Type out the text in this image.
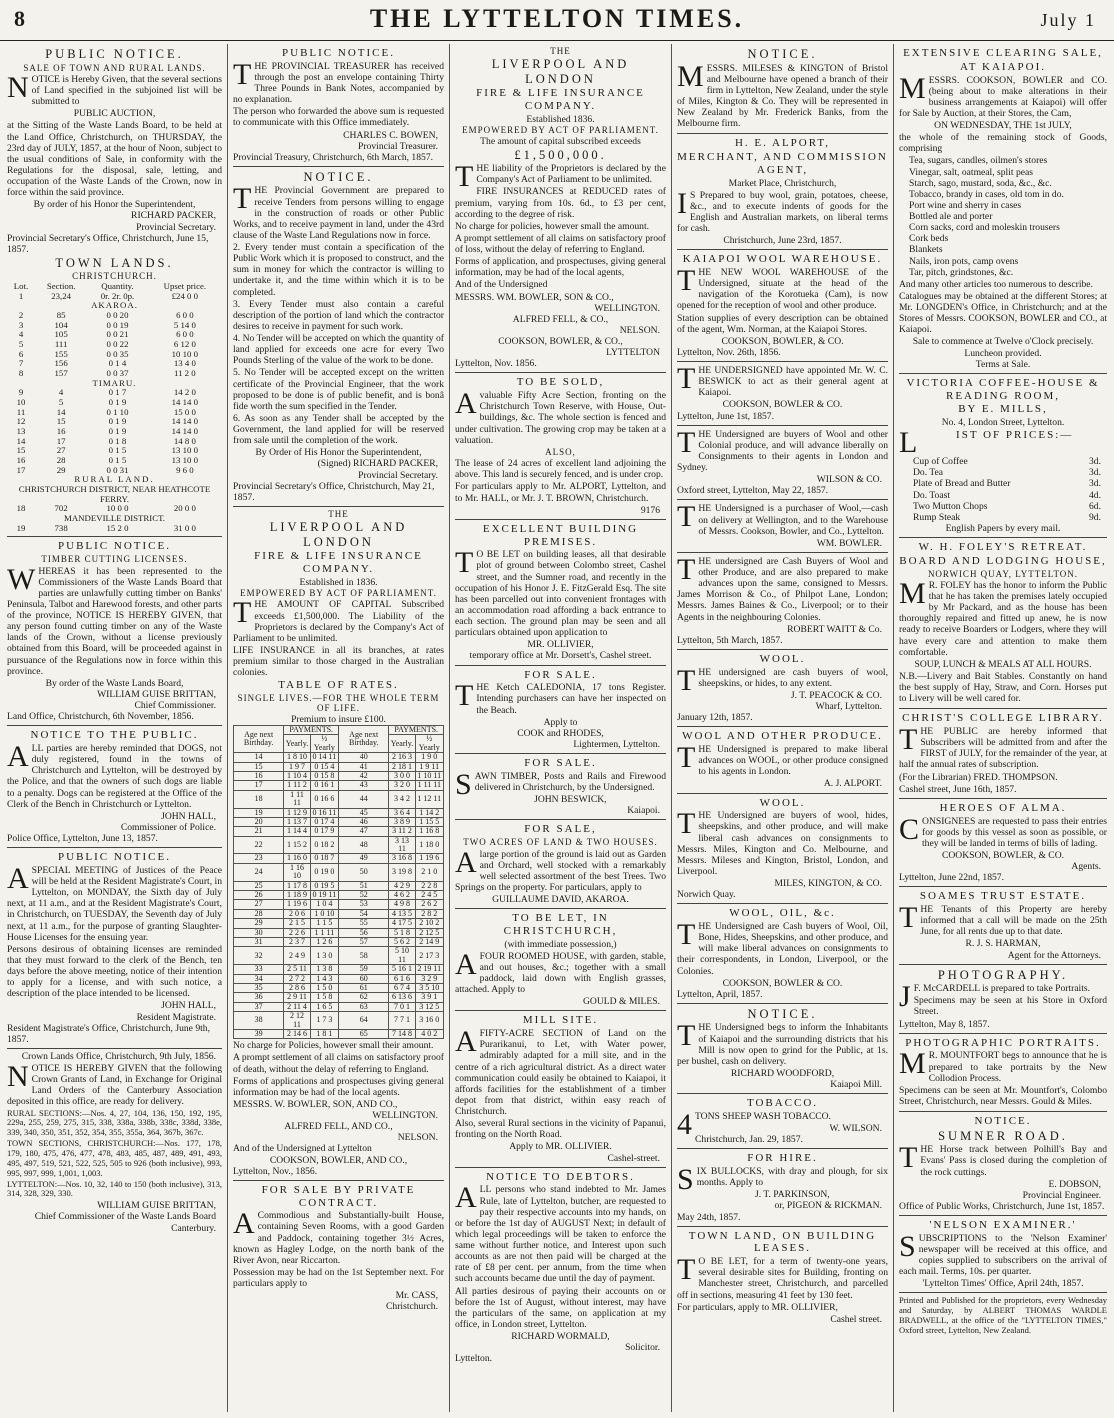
8	THE LYTTELTON TIMES.	July 1
PUBLIC NOTICE.
SALE OF TOWN AND RURAL LANDS.

NOTICE is Hereby Given, that the several sections of Land specified in the subjoined list will be submitted to

PUBLIC AUCTION,

at the Sitting of the Waste Lands Board, to be held at the Land Office, Christchurch, on THURSDAY, the 23rd day of JULY, 1857, at the hour of Noon, subject to the usual conditions of Sale, in conformity with the Regulations for the disposal, sale, letting, and occupation of the Waste Lands of the Crown, now in force within the said province.

By order of his Honor the Superintendent,
RICHARD PACKER,
Provincial Secretary.
Provincial Secretary's Office, Christchurch, June 15, 1857.
TOWN LANDS.
CHRISTCHURCH.
Lot.	Section.	Quantity.	Upset price.
1	23,24	0r. 2r. 0p.	£24 0 0
AKAROA.			
2	85	0 0 20	6 0 0
3	104	0 0 19	5 14 0
4	105	0 0 21	6 0 0
5	111	0 0 22	6 12 0
6	155	0 0 35	10 10 0
7	156	0 1 4	13 4 0
8	157	0 0 37	11 2 0
TIMARU.			
9	4	0 1 7	14 2 0
10	5	0 1 9	14 14 0
11	14	0 1 10	15 0 0
12	15	0 1 9	14 14 0
13	16	0 1 9	14 14 0
14	17	0 1 8	14 8 0
15	27	0 1 5	13 10 0
16	28	0 1 5	13 10 0
17	29	0 0 31	9 6 0
RURAL LAND.			
CHRISTCHURCH DISTRICT, NEAR HEATHCOTE FERRY.			
18	702	10 0 0	20 0 0
MANDEVILLE DISTRICT.			
19	738	15 2 0	31 0 0
PUBLIC NOTICE.
TIMBER CUTTING LICENSES.

WHEREAS it has been represented to the Commissioners of the Waste Lands Board that parties are unlawfully cutting timber on Banks' Peninsula, Talbot and Harewood forests, and other parts of the province, NOTICE IS HEREBY GIVEN, that any person found cutting timber on any of the Waste lands of the Crown, without a license previously obtained from this Board, will be proceeded against in pursuance of the Regulations now in force within this province.

By order of the Waste Lands Board,
WILLIAM GUISE BRITTAN,
Chief Commissioner.
Land Office, Christchurch, 6th November, 1856.
NOTICE TO THE PUBLIC.

ALL parties are hereby reminded that DOGS, not duly registered, found in the towns of Christchurch and Lyttelton, will be destroyed by the Police, and that the owners of such dogs are liable to a penalty. Dogs can be registered at the Office of the Clerk of the Bench in Christchurch or Lyttelton.

JOHN HALL,
Commissioner of Police.
Police Office, Lyttelton, June 13, 1857.
PUBLIC NOTICE.

ASPECIAL MEETING of Justices of the Peace will be held at the Resident Magistrate's Court, in Lyttelton, on MONDAY, the Sixth day of July next, at 11 a.m., and at the Resident Magistrate's Court, in Christchurch, on TUESDAY, the Seventh day of July next, at 11 a.m., for the purpose of granting Slaughter-House Licenses for the ensuing year.

Persons desirous of obtaining licenses are reminded that they must forward to the clerk of the Bench, ten days before the above meeting, notice of their intention to apply for a license, and with such notice, a description of the place intended to be licensed.

JOHN HALL,
Resident Magistrate.
Resident Magistrate's Office, Christchurch, June 9th, 1857.
Crown Lands Office, Christchurch, 9th July, 1856.

NOTICE IS HEREBY GIVEN that the following Crown Grants of Land, in Exchange for Original Land Orders of the Canterbury Association deposited in this office, are ready for delivery.

RURAL SECTIONS:—Nos. 4, 27, 104, 136, 150, 192, 195, 229a, 255, 259, 275, 315, 338, 338a, 338b, 338c, 338d, 338e, 339, 340, 350, 351, 352, 354, 355, 355a, 364, 367b, 367c.

TOWN SECTIONS, CHRISTCHURCH:—Nos. 177, 178, 179, 180, 475, 476, 477, 478, 483, 485, 487, 489, 491, 493, 495, 497, 519, 521, 522, 525, 505 to 926 (both inclusive), 993, 995, 997, 999, 1,001, 1,003.

LYTTELTON:—Nos. 10, 32, 140 to 150 (both inclusive), 313, 314, 328, 329, 330.

WILLIAM GUISE BRITTAN,
Chief Commissioner of the Waste Lands Board Canterbury.
PUBLIC NOTICE.

THE PROVINCIAL TREASURER has received through the post an envelope containing Thirty Three Pounds in Bank Notes, accompanied by no explanation.

The person who forwarded the above sum is requested to communicate with this Office immediately.

CHARLES C. BOWEN,
Provincial Treasurer.
Provincial Treasury, Christchurch, 6th March, 1857.
NOTICE.

THE Provincial Government are prepared to receive Tenders from persons willing to engage in the construction of roads or other Public Works, and to receive payment in land, under the 43rd clause of the Waste Land Regulations now in force.

2. Every tender must contain a specification of the Public Work which it is proposed to construct, and the sum in money for which the contractor is willing to undertake it, and the time within which it is to be completed.

3. Every Tender must also contain a careful description of the portion of land which the contractor desires to receive in payment for such work.

4. No Tender will be accepted on which the quantity of land applied for exceeds one acre for every Two Pounds Sterling of the value of the work to be done.

5. No Tender will be accepted except on the written certificate of the Provincial Engineer, that the work proposed to be done is of public benefit, and is bonâ fide worth the sum specified in the Tender.

6. As soon as any Tender shall be accepted by the Government, the land applied for will be reserved from sale until the completion of the work.

By Order of His Honor the Superintendent,
(Signed) RICHARD PACKER,
Provincial Secretary.
Provincial Secretary's Office, Christchurch, May 21, 1857.
THE
LIVERPOOL AND LONDON
FIRE & LIFE INSURANCE COMPANY.
Established in 1836.
EMPOWERED BY ACT OF PARLIAMENT.

THE AMOUNT OF CAPITAL Subscribed exceeds £1,500,000. The Liability of the Proprietors is declared by the Company's Act of Parliament to be unlimited.

LIFE INSURANCE in all its branches, at rates premium similar to those charged in the Australian colonies.

TABLE OF RATES.
SINGLE LIVES.—FOR THE WHOLE TERM OF LIFE.
Premium to insure £100.
Age next Birthday.	PAYMENTS.		Age next Birthday.	PAYMENTS.	
	Yearly.	½ Yearly		Yearly.	½ Yearly
14	1 8 10	0 14 11	40	2 16 3	1 9 0
15	1 9 7	0 15 4	41	2 18 1	1 9 11
16	1 10 4	0 15 8	42	3 0 0	1 10 11
17	1 11 2	0 16 1	43	3 2 0	1 11 11
18	1 11 11	0 16 6	44	3 4 2	1 12 11
19	1 12 9	0 16 11	45	3 6 4	1 14 2
20	1 13 7	0 17 4	46	3 8 9	1 15 5
21	1 14 4	0 17 9	47	3 11 2	1 16 8
22	1 15 2	0 18 2	48	3 13 11	1 18 0
23	1 16 0	0 18 7	49	3 16 8	1 19 6
24	1 16 10	0 19 0	50	3 19 8	2 1 0
25	1 17 8	0 19 5	51	4 2 9	2 2 8
26	1 18 9	0 19 11	52	4 6 2	2 4 5
27	1 19 6	1 0 4	53	4 9 8	2 6 2
28	2 0 6	1 0 10	54	4 13 5	2 8 2
29	2 1 5	1 1 5	55	4 17 5	2 10 2
30	2 2 6	1 1 11	56	5 1 8	2 12 5
31	2 3 7	1 2 6	57	5 6 2	2 14 9
32	2 4 9	1 3 0	58	5 10 11	2 17 3
33	2 5 11	1 3 8	59	5 16 1	2 19 11
34	2 7 2	1 4 3	60	6 1 6	3 2 9
35	2 8 6	1 5 0	61	6 7 4	3 5 10
36	2 9 11	1 5 8	62	6 13 6	3 9 1
37	2 11 4	1 6 5	63	7 0 1	3 12 5
38	2 12 11	1 7 3	64	7 7 1	3 16 0
39	2 14 6	1 8 1	65	7 14 8	4 0 2

No charge for Policies, however small their amount.

A prompt settlement of all claims on satisfactory proof of death, without the delay of referring to England.

Forms of applications and prospectuses giving general information may be had of the local agents.

MESSRS. W. BOWLER, SON, AND CO.,
WELLINGTON.
ALFRED FELL, AND CO.,
NELSON.
And of the Undersigned at Lyttelton
COOKSON, BOWLER, AND CO.,
Lyttelton, Nov., 1856.
FOR SALE BY PRIVATE CONTRACT.

A Commodious and Substantially-built House, containing Seven Rooms, with a good Garden and Paddock, containing together 3½ Acres, known as Hagley Lodge, on the north bank of the River Avon, near Riccarton.

Possession may be had on the 1st September next. For particulars apply to

Mr. CASS,
Christchurch.
THE
LIVERPOOL AND LONDON
FIRE & LIFE INSURANCE COMPANY.
Established 1836.
EMPOWERED BY ACT OF PARLIAMENT.
The amount of capital subscribed exceeds
£1,500,000.

THE liability of the Proprietors is declared by the Company's Act of Parliament to be unlimited.

FIRE INSURANCES at REDUCED rates of premium, varying from 10s. 6d., to £3 per cent, according to the degree of risk.

No charge for policies, however small the amount.

A prompt settlement of all claims on satisfactory proof of loss, without the delay of referring to England.

Forms of application, and prospectuses, giving general information, may be had of the local agents,

And of the Undersigned

MESSRS. WM. BOWLER, SON & CO.,
WELLINGTON.
ALFRED FELL, & CO.,
NELSON.
COOKSON, BOWLER, & CO.,
LYTTELTON
Lyttelton, Nov. 1856.
TO BE SOLD,

Avaluable Fifty Acre Section, fronting on the Christchurch Town Reserve, with House, Out-buildings, &c. The whole section is fenced and under cultivation. The growing crop may be taken at a valuation.

ALSO,

The lease of 24 acres of excellent land adjoining the above. This land is securely fenced, and is under crop.

For particulars apply to Mr. ALPORT, Lyttelton, and to Mr. HALL, or Mr. J. T. BROWN, Christchurch.

9176
EXCELLENT BUILDING PREMISES.

T O BE LET on building leases, all that desirable plot of ground between Colombo street, Cashel street, and the Sumner road, and recently in the occupation of his Honor J. E. FitzGerald Esq. The site has been parcelled out into convenient frontages with an accommodation road affording a back entrance to each section. The ground plan may be seen and all particulars obtained upon application to

MR. OLLIVIER,
temporary office at Mr. Dorsett's, Cashel street.
FOR SALE.

THE Ketch CALEDONIA, 17 tons Register. Intending purchasers can have her inspected on the Beach.

Apply to
COOK and RHODES,
Lightermen, Lyttelton.
FOR SALE.

SAWN TIMBER, Posts and Rails and Firewood delivered in Christchurch, by the Undersigned.

JOHN BESWICK,
Kaiapoi.
FOR SALE,
TWO ACRES OF LAND & TWO HOUSES.

Alarge portion of the ground is laid out as Garden and Orchard, well stocked with a remarkably well selected assortment of the best Trees. Two Springs on the property. For particulars, apply to

GUILLAUME DAVID, AKAROA.
TO BE LET, IN CHRISTCHURCH,
(with immediate possession,)

AFOUR ROOMED HOUSE, with garden, stable, and out houses, &c.; together with a small paddock, laid down with English grasses, attached. Apply to

GOULD & MILES.
MILL SITE.

AFIFTY-ACRE SECTION of Land on the Purarikanui, to Let, with Water power, admirably adapted for a mill site, and in the centre of a rich agricultural district. As a direct water communication could easily be obtained to Kaiapoi, it affords facilities for the establishment of a timber depot from that district, within easy reach of Christchurch.

Also, several Rural sections in the vicinity of Papanui, fronting on the North Road.

Apply to MR. OLLIVIER.
Cashel-street.
NOTICE TO DEBTORS.

ALL persons who stand indebted to Mr. James Rule, late of Lyttelton, butcher, are requested to pay their respective accounts into my hands, on or before the 1st day of AUGUST Next; in default of which legal proceedings will be taken to enforce the same without further notice, and Interest upon such accounts as are not then paid will be charged at the rate of £8 per cent. per annum, from the time when such accounts became due until the day of payment.

All parties desirous of paying their accounts on or before the 1st of August, without interest, may have the particulars of the same, on application at my office, in London street, Lyttelton.

RICHARD WORMALD,
Solicitor.
Lyttelton.
NOTICE.

MESSRS. MILESES & KINGTON of Bristol and Melbourne have opened a branch of their firm in Lyttelton, New Zealand, under the style of Miles, Kington & Co. They will be represented in New Zealand by Mr. Frederick Banks, from the Melbourne firm.

H. E. ALPORT,
MERCHANT, AND COMMISSION AGENT,
Market Place, Christchurch,

I S Prepared to buy wool, grain, potatoes, cheese, &c., and to execute indents of goods for the English and Australian markets, on liberal terms for cash.

Christchurch, June 23rd, 1857.
KAIAPOI WOOL WAREHOUSE.

THE NEW WOOL WAREHOUSE of the Undersigned, situate at the head of the navigation of the Korotueka (Cam), is now opened for the reception of wool and other produce.

Station supplies of every description can be obtained of the agent, Wm. Norman, at the Kaiapoi Stores.

COOKSON, BOWLER, & CO.
Lyttelton, Nov. 26th, 1856.

THE UNDERSIGNED have appointed Mr. W. C. BESWICK to act as their general agent at Kaiapoi.

COOKSON, BOWLER & CO.
Lyttelton, June 1st, 1857.

THE Undersigned are buyers of Wool and other Colonial produce, and will advance liberally on Consignments to their agents in London and Sydney.

WILSON & CO.
Oxford street, Lyttelton, May 22, 1857.

THE Undersigned is a purchaser of Wool,—cash on delivery at Wellington, and to the Warehouse of Messrs. Cookson, Bowler, and Co., Lyttelton.

WM. BOWLER.

THE undersigned are Cash Buyers of Wool and other Produce, and are also prepared to make advances upon the same, consigned to Messrs. James Morrison & Co., of Philpot Lane, London; Messrs. James Baines & Co., Liverpool; or to their Agents in the neighbouring Colonies.

ROBERT WAITT & Co.
Lyttelton, 5th March, 1857.
WOOL.

THE undersigned are cash buyers of wool, sheepskins, or hides, to any extent.

J. T. PEACOCK & CO.
Wharf, Lyttelton.
January 12th, 1857.
WOOL AND OTHER PRODUCE.

THE Undersigned is prepared to make liberal advances on WOOL, or other produce consigned to his agents in London.

A. J. ALPORT.
WOOL.

THE Undersigned are buyers of wool, hides, sheepskins, and other produce, and will make liberal cash advances on consignments to Messrs. Miles, Kington and Co. Melbourne, and Messrs. Mileses and Kington, Bristol, London, and Liverpool.

MILES, KINGTON, & CO.
Norwich Quay.
WOOL, OIL, &c.

THE Undersigned are Cash buyers of Wool, Oil, Bone, Hides, Sheepskins, and other produce, and will make liberal advances on consignments to their correspondents, in London, Liverpool, or the Colonies.

COOKSON, BOWLER & CO.
Lyttelton, April, 1857.
NOTICE.

THE Undersigned begs to inform the Inhabitants of Kaiapoi and the surrounding districts that his Mill is now open to grind for the Public, at 1s. per bushel, cash on delivery.

RICHARD WOODFORD,
Kaiapoi Mill.
TOBACCO.

4 TONS SHEEP WASH TOBACCO.

W. WILSON.
Christchurch, Jan. 29, 1857.
FOR HIRE.

SIX BULLOCKS, with dray and plough, for six months. Apply to

J. T. PARKINSON,
or, PIGEON & RICKMAN.
May 24th, 1857.
TOWN LAND, ON BUILDING LEASES.

T O BE LET, for a term of twenty-one years, several desirable sites for Building, fronting on Manchester street, Christchurch, and parcelled off in sections, measuring 41 feet by 130 feet.

For particulars, apply to MR. OLLIVIER,

Cashel street.
EXTENSIVE CLEARING SALE,
AT KAIAPOI.

MESSRS. COOKSON, BOWLER and CO. (being about to make alterations in their business arrangements at Kaiapoi) will offer for Sale by Auction, at their Stores, the Cam,

ON WEDNESDAY, THE 1st JULY,

the whole of the remaining stock of Goods, comprising

Tea, sugars, candles, oilmen's stores
Vinegar, salt, oatmeal, split peas
Starch, sago, mustard, soda, &c., &c.
Tobacco, brandy in cases, old tom in do.
Port wine and sherry in cases
Bottled ale and porter
Corn sacks, cord and moleskin trousers
Cork beds
Blankets
Nails, iron pots, camp ovens
Tar, pitch, grindstones, &c.

And many other articles too numerous to describe.

Catalogues may be obtained at the different Stores; at Mr. LONGDEN's Office, in Christchurch; and at the Stores of Messrs. COOKSON, BOWLER and CO., at Kaiapoi.

Sale to commence at Twelve o'Clock precisely.
Luncheon provided.
Terms at Sale.
VICTORIA COFFEE-HOUSE & READING ROOM,
BY E. MILLS,
No. 4, London Street, Lyttelton.
L	IST OF PRICES:—
Cup of Coffee	3d.
Do. Tea	3d.
Plate of Bread and Butter	3d.
Do. Toast	4d.
Two Mutton Chops	6d.
Rump Steak	9d.
English Papers by every mail.
W. H. FOLEY'S RETREAT.
BOARD AND LODGING HOUSE,
NORWICH QUAY, LYTTELTON.

M R. FOLEY has the honor to inform the Public that he has taken the premises lately occupied by Mr Packard, and as the house has been thoroughly repaired and fitted up anew, he is now ready to receive Boarders or Lodgers, where they will have every care and attention to make them comfortable.

SOUP, LUNCH & MEALS AT ALL HOURS.

N.B.—Livery and Bait Stables. Constantly on hand the best supply of Hay, Straw, and Corn. Horses put to Livery will be well cared for.

CHRIST'S COLLEGE LIBRARY.

THE PUBLIC are hereby informed that Subscribers will be admitted from and after the FIRST of JULY, for the remainder of the year, at half the annual rates of subscription.

(For the Librarian) FRED. THOMPSON.

Cashel street, June 16th, 1857.
HEROES OF ALMA.

CONSIGNEES are requested to pass their entries for goods by this vessel as soon as possible, or they will be landed in terms of bills of lading.

COOKSON, BOWLER, & CO.
Agents.
Lyttelton, June 22nd, 1857.
SOAMES TRUST ESTATE.

THE Tenants of this Property are hereby informed that a call will be made on the 25th June, for all rents due up to that date.

R. J. S. HARMAN,
Agent for the Attorneys.
PHOTOGRAPHY.

J F. McCARDELL is prepared to take Portraits.

Specimens may be seen at his Store in Oxford Street.

Lyttelton, May 8, 1857.
PHOTOGRAPHIC PORTRAITS.

M R. MOUNTFORT begs to announce that he is prepared to take portraits by the New Collodion Process.

Specimens can be seen at Mr. Mountfort's, Colombo Street, Christchurch, near Messrs. Gould & Miles.

NOTICE.
SUMNER ROAD.

THE Horse track between Polhill's Bay and Evans' Pass is closed during the completion of the rock cuttings.

E. DOBSON,
Provincial Engineer.
Office of Public Works, Christchurch, June 1st, 1857.
'NELSON EXAMINER.'

SUBSCRIPTIONS to the 'Nelson Examiner' newspaper will be received at this office, and copies supplied to subscribers on the arrival of each mail. Terms, 10s. per quarter.

'Lyttelton Times' Office, April 24th, 1857.

Printed and Published for the proprietors, every Wednesday and Saturday, by ALBERT THOMAS WARDLE BRADWELL, at the office of the "LYTTELTON TIMES," Oxford street, Lyttelton, New Zealand.
